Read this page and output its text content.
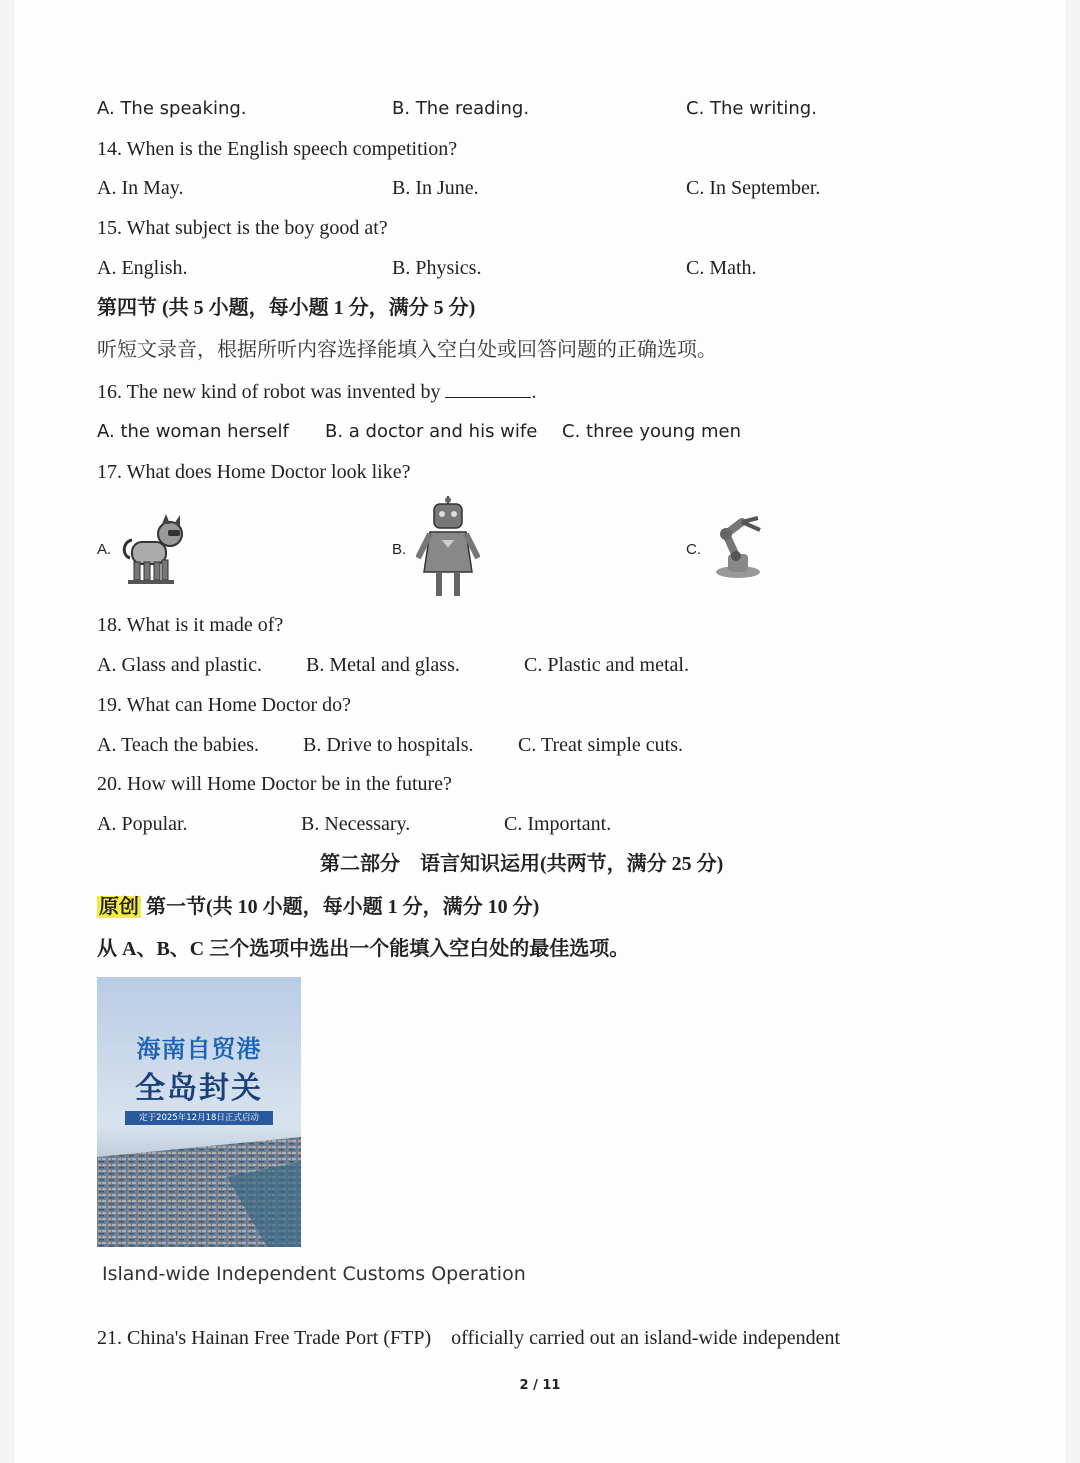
A. The speaking.	B. The reading.	C. The writing.
14. When is the English speech competition?
A. In May.	B. In June.	C. In September.
15. What subject is the boy good at?
A. English.	B. Physics.	C. Math.
第四节 (共 5 小题，每小题 1 分，满分 5 分)
听短文录音，根据所听内容选择能填入空白处或回答问题的正确选项。
16. The new kind of robot was invented by	.
A. the woman herself B. a doctor and his wife C. three young men
17. What does Home Doctor look like?
A.	B.	C.
18. What is it made of?
A. Glass and plastic. B. Metal and glass.	C. Plastic and metal.
19. What can Home Doctor do?
A. Teach the babies. B. Drive to hospitals. C. Treat simple cuts.
20. How will Home Doctor be in the future?
A. Popular.	B. Necessary.	C. Important.
第二部分　语言知识运用(共两节，满分 25 分)
原创 第一节(共 10 小题，每小题 1 分，满分 10 分)
从 A、B、C 三个选项中选出一个能填入空白处的最佳选项。
海南自贸港
全岛封关
定于2025年12月18日正式启动
Island-wide Independent Customs Operation
21. China's Hainan Free Trade Port (FTP)　officially carried out an island-wide independent
2 / 11
